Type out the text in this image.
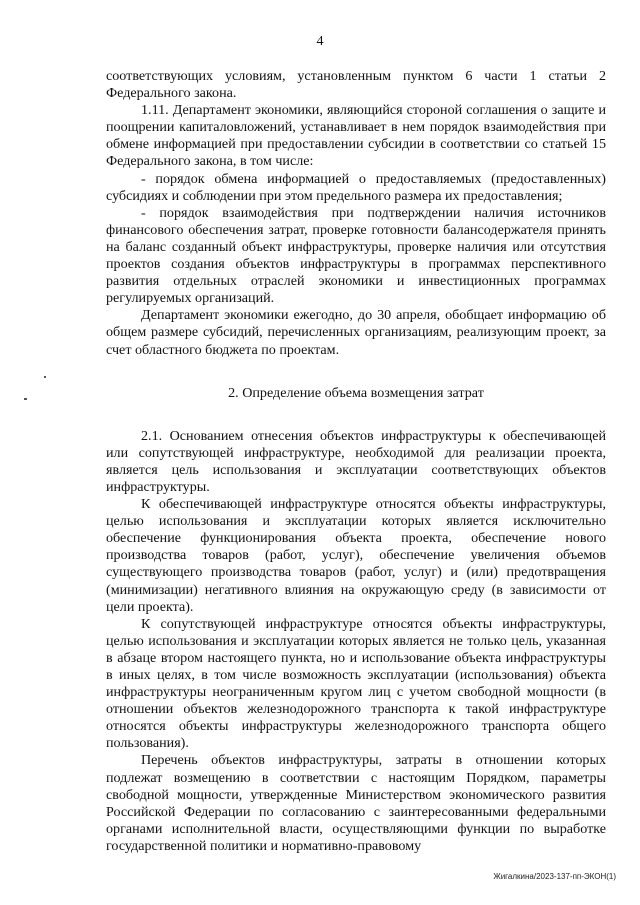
4

соответствующих условиям, установленным пунктом 6 части 1 статьи 2 Федерального закона.

1.11. Департамент экономики, являющийся стороной соглашения о защите и поощрении капиталовложений, устанавливает в нем порядок взаимодействия при обмене информацией при предоставлении субсидии в соответствии со статьей 15 Федерального закона, в том числе:

- порядок обмена информацией о предоставляемых (предоставленных) субсидиях и соблюдении при этом предельного размера их предоставления;

- порядок взаимодействия при подтверждении наличия источников финансового обеспечения затрат, проверке готовности балансодержателя принять на баланс созданный объект инфраструктуры, проверке наличия или отсутствия проектов создания объектов инфраструктуры в программах перспективного развития отдельных отраслей экономики и инвестиционных программах регулируемых организаций.

Департамент экономики ежегодно, до 30 апреля, обобщает информацию об общем размере субсидий, перечисленных организациям, реализующим проект, за счет областного бюджета по проектам.

2. Определение объема возмещения затрат

2.1. Основанием отнесения объектов инфраструктуры к обеспечивающей или сопутствующей инфраструктуре, необходимой для реализации проекта, является цель использования и эксплуатации соответствующих объектов инфраструктуры.

К обеспечивающей инфраструктуре относятся объекты инфраструктуры, целью использования и эксплуатации которых является исключительно обеспечение функционирования объекта проекта, обеспечение нового производства товаров (работ, услуг), обеспечение увеличения объемов существующего производства товаров (работ, услуг) и (или) предотвращения (минимизации) негативного влияния на окружающую среду (в зависимости от цели проекта).

К сопутствующей инфраструктуре относятся объекты инфраструктуры, целью использования и эксплуатации которых является не только цель, указанная в абзаце втором настоящего пункта, но и использование объекта инфраструктуры в иных целях, в том числе возможность эксплуатации (использования) объекта инфраструктуры неограниченным кругом лиц с учетом свободной мощности (в отношении объектов железнодорожного транспорта к такой инфраструктуре относятся объекты инфраструктуры железнодорожного транспорта общего пользования).

Перечень объектов инфраструктуры, затраты в отношении которых подлежат возмещению в соответствии с настоящим Порядком, параметры свободной мощности, утвержденные Министерством экономического развития Российской Федерации по согласованию с заинтересованными федеральными органами исполнительной власти, осуществляющими функции по выработке государственной политики и нормативно-правовому

Жигалкина/2023-137-пп-ЭКОН(1)
